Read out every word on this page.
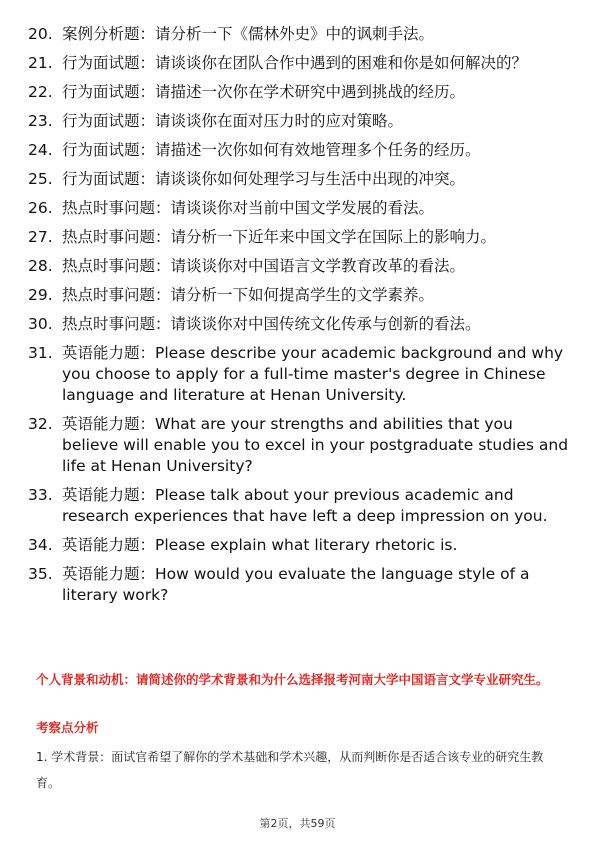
20. 案例分析题：请分析一下《儒林外史》中的讽刺手法。
21. 行为面试题：请谈谈你在团队合作中遇到的困难和你是如何解决的？
22. 行为面试题：请描述一次你在学术研究中遇到挑战的经历。
23. 行为面试题：请谈谈你在面对压力时的应对策略。
24. 行为面试题：请描述一次你如何有效地管理多个任务的经历。
25. 行为面试题：请谈谈你如何处理学习与生活中出现的冲突。
26. 热点时事问题：请谈谈你对当前中国文学发展的看法。
27. 热点时事问题：请分析一下近年来中国文学在国际上的影响力。
28. 热点时事问题：请谈谈你对中国语言文学教育改革的看法。
29. 热点时事问题：请分析一下如何提高学生的文学素养。
30. 热点时事问题：请谈谈你对中国传统文化传承与创新的看法。
31. 英语能力题：Please describe your academic background and why you choose to apply for a full-time master's degree in Chinese language and literature at Henan University.
32. 英语能力题：What are your strengths and abilities that you believe will enable you to excel in your postgraduate studies and life at Henan University?
33. 英语能力题：Please talk about your previous academic and research experiences that have left a deep impression on you.
34. 英语能力题：Please explain what literary rhetoric is.
35. 英语能力题：How would you evaluate the language style of a literary work?
个人背景和动机：请简述你的学术背景和为什么选择报考河南大学中国语言文学专业研究生。
考察点分析
1. 学术背景：面试官希望了解你的学术基础和学术兴趣，从而判断你是否适合该专业的研究生教育。
第2页，共59页
